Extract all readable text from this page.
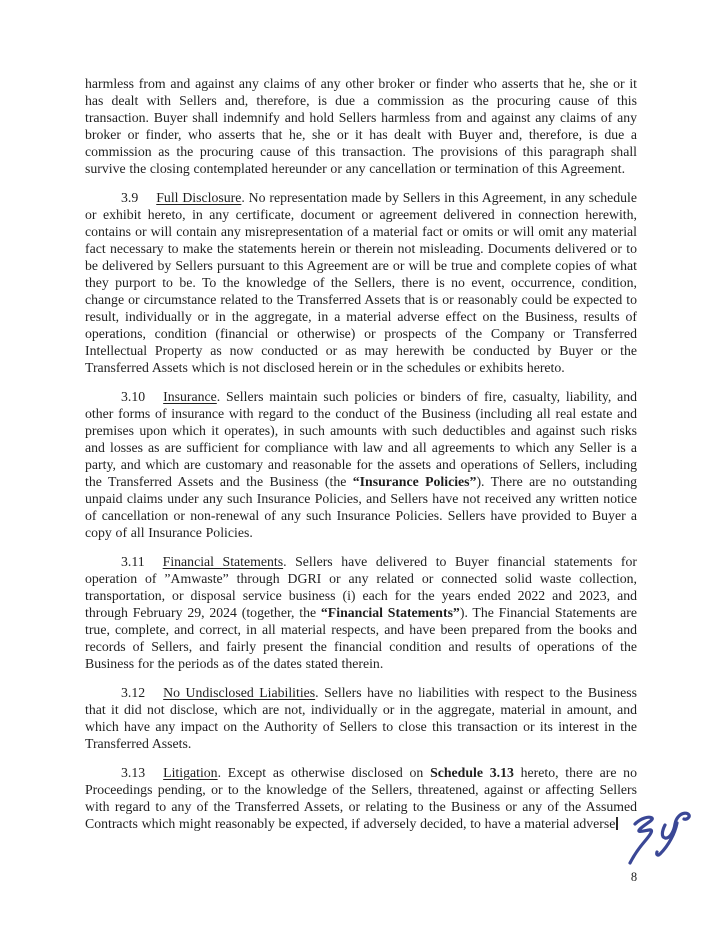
harmless from and against any claims of any other broker or finder who asserts that he, she or it has dealt with Sellers and, therefore, is due a commission as the procuring cause of this transaction. Buyer shall indemnify and hold Sellers harmless from and against any claims of any broker or finder, who asserts that he, she or it has dealt with Buyer and, therefore, is due a commission as the procuring cause of this transaction. The provisions of this paragraph shall survive the closing contemplated hereunder or any cancellation or termination of this Agreement.

3.9 Full Disclosure. No representation made by Sellers in this Agreement, in any schedule or exhibit hereto, in any certificate, document or agreement delivered in connection herewith, contains or will contain any misrepresentation of a material fact or omits or will omit any material fact necessary to make the statements herein or therein not misleading. Documents delivered or to be delivered by Sellers pursuant to this Agreement are or will be true and complete copies of what they purport to be. To the knowledge of the Sellers, there is no event, occurrence, condition, change or circumstance related to the Transferred Assets that is or reasonably could be expected to result, individually or in the aggregate, in a material adverse effect on the Business, results of operations, condition (financial or otherwise) or prospects of the Company or Transferred Intellectual Property as now conducted or as may herewith be conducted by Buyer or the Transferred Assets which is not disclosed herein or in the schedules or exhibits hereto.

3.10 Insurance. Sellers maintain such policies or binders of fire, casualty, liability, and other forms of insurance with regard to the conduct of the Business (including all real estate and premises upon which it operates), in such amounts with such deductibles and against such risks and losses as are sufficient for compliance with law and all agreements to which any Seller is a party, and which are customary and reasonable for the assets and operations of Sellers, including the Transferred Assets and the Business (the “Insurance Policies”). There are no outstanding unpaid claims under any such Insurance Policies, and Sellers have not received any written notice of cancellation or non-renewal of any such Insurance Policies. Sellers have provided to Buyer a copy of all Insurance Policies.

3.11 Financial Statements. Sellers have delivered to Buyer financial statements for operation of ”Amwaste” through DGRI or any related or connected solid waste collection, transportation, or disposal service business (i) each for the years ended 2022 and 2023, and through February 29, 2024 (together, the “Financial Statements”). The Financial Statements are true, complete, and correct, in all material respects, and have been prepared from the books and records of Sellers, and fairly present the financial condition and results of operations of the Business for the periods as of the dates stated therein.

3.12 No Undisclosed Liabilities. Sellers have no liabilities with respect to the Business that it did not disclose, which are not, individually or in the aggregate, material in amount, and which have any impact on the Authority of Sellers to close this transaction or its interest in the Transferred Assets.

3.13 Litigation. Except as otherwise disclosed on Schedule 3.13 hereto, there are no Proceedings pending, or to the knowledge of the Sellers, threatened, against or affecting Sellers with regard to any of the Transferred Assets, or relating to the Business or any of the Assumed Contracts which might reasonably be expected, if adversely decided, to have a material adverse

8
